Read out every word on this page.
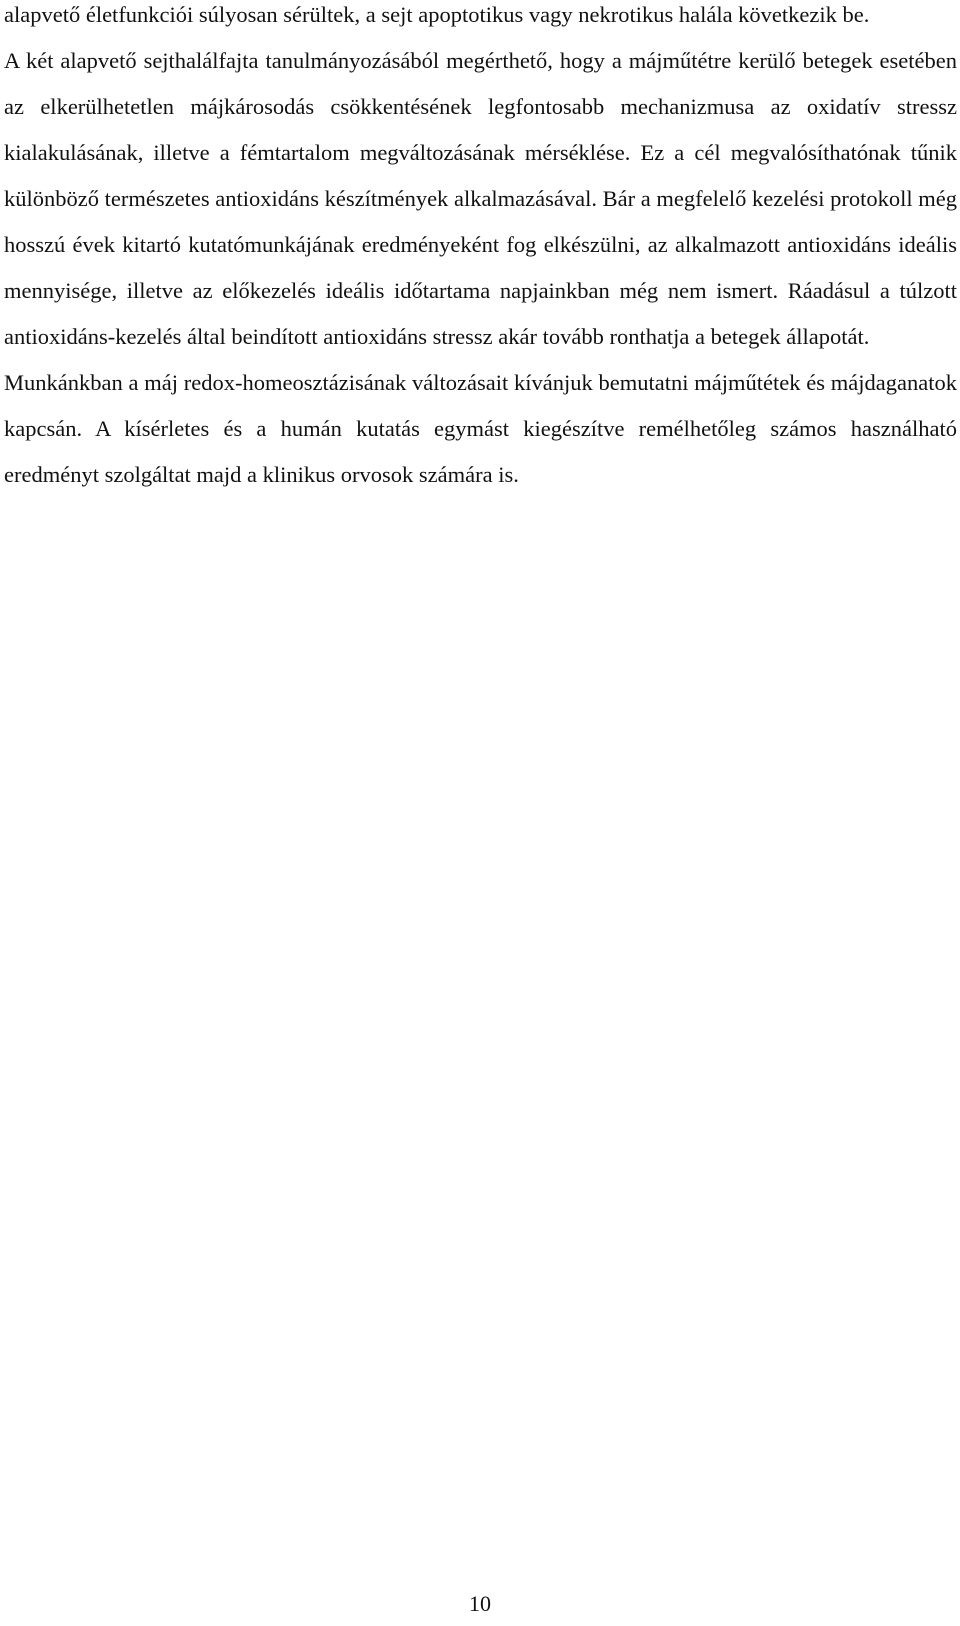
alapvető életfunkciói súlyosan sérültek, a sejt apoptotikus vagy nekrotikus halála következik be.

A két alapvető sejthalálfajta tanulmányozásából megérthető, hogy a májműtétre kerülő betegek esetében az elkerülhetetlen májkárosodás csökkentésének legfontosabb mechanizmusa az oxidatív stressz kialakulásának, illetve a fémtartalom megváltozásának mérséklése. Ez a cél megvalósíthatónak tűnik különböző természetes antioxidáns készítmények alkalmazásával. Bár a megfelelő kezelési protokoll még hosszú évek kitartó kutatómunkájának eredményeként fog elkészülni, az alkalmazott antioxidáns ideális mennyisége, illetve az előkezelés ideális időtartama napjainkban még nem ismert. Ráadásul a túlzott antioxidáns-kezelés által beindított antioxidáns stressz akár tovább ronthatja a betegek állapotát.

Munkánkban a máj redox-homeosztázisának változásait kívánjuk bemutatni májműtétek és májdaganatok kapcsán. A kísérletes és a humán kutatás egymást kiegészítve remélhetőleg számos használható eredményt szolgáltat majd a klinikus orvosok számára is.

10
